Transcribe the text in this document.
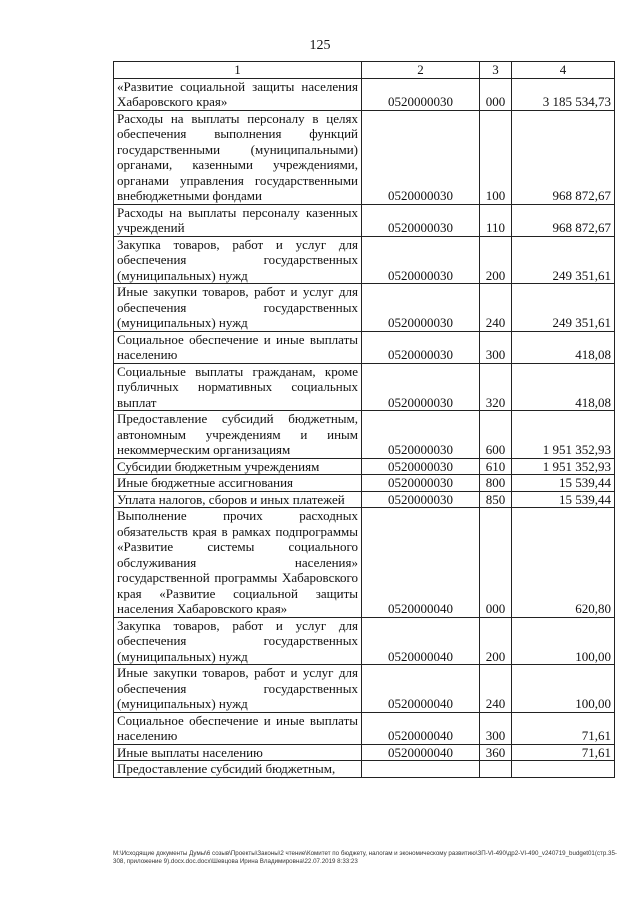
125
1	2	3	4
«Развитие социальной защиты населения Хабаровского края»	0520000030	000	3 185 534,73
Расходы на выплаты персоналу в целях обеспечения выполнения функций государственными (муниципальными) органами, казенными учреждениями, органами управления государственными внебюджетными фондами	0520000030	100	968 872,67
Расходы на выплаты персоналу казенных учреждений	0520000030	110	968 872,67
Закупка товаров, работ и услуг для обеспечения государственных (муниципальных) нужд	0520000030	200	249 351,61
Иные закупки товаров, работ и услуг для обеспечения государственных (муниципальных) нужд	0520000030	240	249 351,61
Социальное обеспечение и иные выплаты населению	0520000030	300	418,08
Социальные выплаты гражданам, кроме публичных нормативных социальных выплат	0520000030	320	418,08
Предоставление субсидий бюджетным, автономным учреждениям и иным некоммерческим организациям	0520000030	600	1 951 352,93
Субсидии бюджетным учреждениям	0520000030	610	1 951 352,93
Иные бюджетные ассигнования	0520000030	800	15 539,44
Уплата налогов, сборов и иных платежей	0520000030	850	15 539,44
Выполнение прочих расходных обязательств края в рамках подпрограммы «Развитие системы социального обслуживания населения» государственной программы Хабаровского края «Развитие социальной защиты населения Хабаровского края»	0520000040	000	620,80
Закупка товаров, работ и услуг для обеспечения государственных (муниципальных) нужд	0520000040	200	100,00
Иные закупки товаров, работ и услуг для обеспечения государственных (муниципальных) нужд	0520000040	240	100,00
Социальное обеспечение и иные выплаты населению	0520000040	300	71,61
Иные выплаты населению	0520000040	360	71,61
Предоставление субсидий бюджетным,			
M:\Исходящие документы Думы\6 созыв\Проекты\Законы\2 чтение\Комитет по бюджету, налогам и экономическому развитию\ЗП-VI-490\др2-VI-490_v240719_budget01(стр.35-308, приложение 9).docx.doc.docx\Шевцова Ирина Владимировна\22.07.2019 8:33:23
